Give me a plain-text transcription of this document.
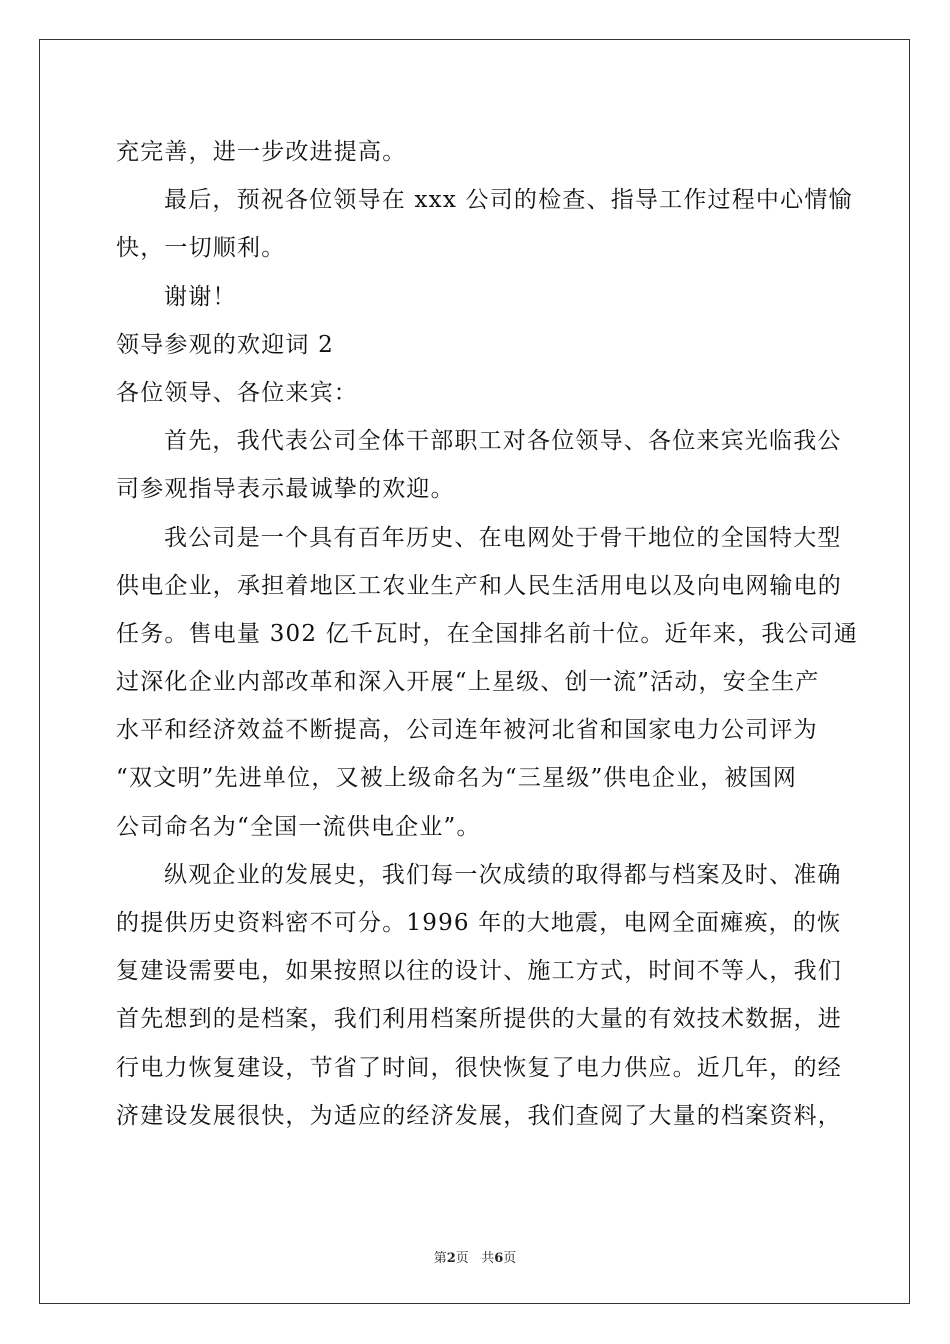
充完善，进一步改进提高。
最后，预祝各位领导在 xxx 公司的检查、指导工作过程中心情愉
快，一切顺利。
谢谢！
领导参观的欢迎词 2
各位领导、各位来宾：
首先，我代表公司全体干部职工对各位领导、各位来宾光临我公
司参观指导表示最诚挚的欢迎。
我公司是一个具有百年历史、在电网处于骨干地位的全国特大型
供电企业，承担着地区工农业生产和人民生活用电以及向电网输电的
任务。售电量 302 亿千瓦时，在全国排名前十位。近年来，我公司通
过深化企业内部改革和深入开展“上星级、创一流”活动，安全生产
水平和经济效益不断提高，公司连年被河北省和国家电力公司评为
“双文明”先进单位，又被上级命名为“三星级”供电企业，被国网
公司命名为“全国一流供电企业”。
纵观企业的发展史，我们每一次成绩的取得都与档案及时、准确
的提供历史资料密不可分。1996 年的大地震，电网全面瘫痪，的恢
复建设需要电，如果按照以往的设计、施工方式，时间不等人，我们
首先想到的是档案，我们利用档案所提供的大量的有效技术数据，进
行电力恢复建设，节省了时间，很快恢复了电力供应。近几年，的经
济建设发展很快，为适应的经济发展，我们查阅了大量的档案资料，
第2页 共6页
